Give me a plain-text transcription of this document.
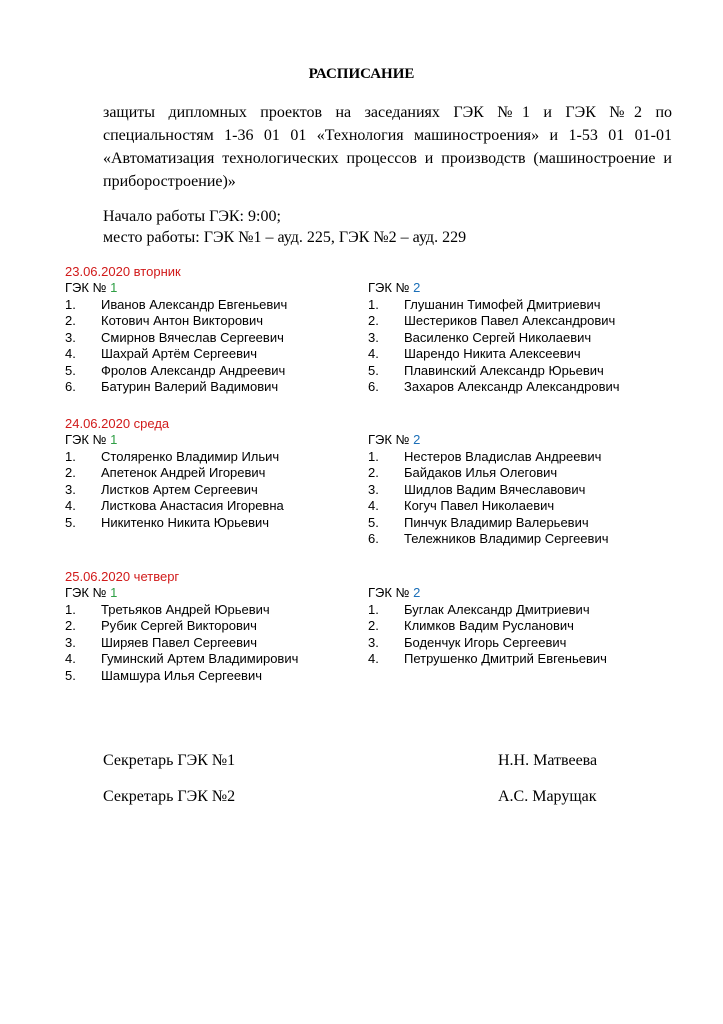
РАСПИСАНИЕ
защиты дипломных проектов на заседаниях ГЭК №1 и ГЭК №2 по специальностям 1-36 01 01 «Технология машиностроения» и 1-53 01 01-01 «Автоматизация технологических процессов и производств (машиностроение и приборостроение)»
Начало работы ГЭК: 9:00;
место работы: ГЭК №1 – ауд. 225, ГЭК №2 – ауд. 229
23.06.2020 вторник
ГЭК № 1
1.	Иванов Александр Евгеньевич
2.	Котович Антон Викторович
3.	Смирнов Вячеслав Сергеевич
4.	Шахрай Артём Сергеевич
5.	Фролов Александр Андреевич
6.	Батурин Валерий Вадимович
ГЭК № 2
1.	Глушанин Тимофей Дмитриевич
2.	Шестериков Павел Александрович
3.	Василенко Сергей Николаевич
4.	Шарендо Никита Алексеевич
5.	Плавинский Александр Юрьевич
6.	Захаров Александр Александрович
24.06.2020 среда
ГЭК № 1
1.	Столяренко Владимир Ильич
2.	Апетенок Андрей Игоревич
3.	Листков Артем Сергеевич
4.	Листкова Анастасия Игоревна
5.	Никитенко Никита Юрьевич
ГЭК № 2
1.	Нестеров Владислав Андреевич
2.	Байдаков Илья Олегович
3.	Шидлов Вадим Вячеславович
4.	Когуч Павел Николаевич
5.	Пинчук Владимир Валерьевич
6.	Тележников Владимир Сергеевич
25.06.2020 четверг
ГЭК № 1
1.	Третьяков Андрей Юрьевич
2.	Рубик Сергей Викторович
3.	Ширяев Павел Сергеевич
4.	Гуминский Артем Владимирович
5.	Шамшура Илья Сергеевич
ГЭК № 2
1.	Буглак Александр Дмитриевич
2.	Климков Вадим Русланович
3.	Боденчук Игорь Сергеевич
4.	Петрушенко Дмитрий Евгеньевич
Секретарь ГЭК №1	Н.Н. Матвеева
Секретарь ГЭК №2	А.С. Марущак
